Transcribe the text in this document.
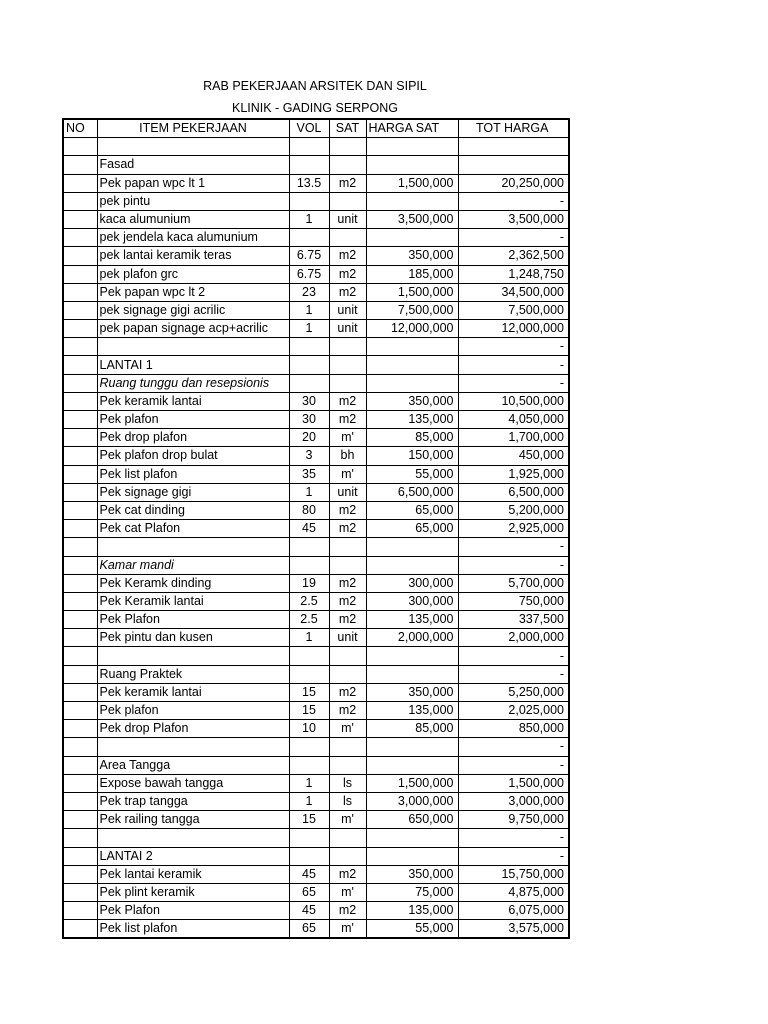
RAB PEKERJAAN ARSITEK DAN SIPIL
KLINIK - GADING SERPONG
NO	ITEM PEKERJAAN	VOL	SAT	HARGA SAT	TOT HARGA

	Fasad				
	Pek papan wpc lt 1	13.5	m2	1,500,000	20,250,000
	pek pintu				-
	kaca alumunium	1	unit	3,500,000	3,500,000
	pek jendela kaca alumunium				-
	pek lantai keramik teras	6.75	m2	350,000	2,362,500
	pek plafon grc	6.75	m2	185,000	1,248,750
	Pek papan wpc lt 2	23	m2	1,500,000	34,500,000
	pek signage gigi acrilic	1	unit	7,500,000	7,500,000
	pek papan signage acp+acrilic	1	unit	12,000,000	12,000,000
					-
	LANTAI 1				-
	Ruang tunggu dan resepsionis				-
	Pek keramik lantai	30	m2	350,000	10,500,000
	Pek plafon	30	m2	135,000	4,050,000
	Pek drop plafon	20	m'	85,000	1,700,000
	Pek plafon drop bulat	3	bh	150,000	450,000
	Pek list plafon	35	m'	55,000	1,925,000
	Pek signage gigi	1	unit	6,500,000	6,500,000
	Pek cat dinding	80	m2	65,000	5,200,000
	Pek cat Plafon	45	m2	65,000	2,925,000
					-
	Kamar mandi				-
	Pek Keramk dinding	19	m2	300,000	5,700,000
	Pek Keramik lantai	2.5	m2	300,000	750,000
	Pek Plafon	2.5	m2	135,000	337,500
	Pek pintu dan kusen	1	unit	2,000,000	2,000,000
					-
	Ruang Praktek				-
	Pek keramik lantai	15	m2	350,000	5,250,000
	Pek plafon	15	m2	135,000	2,025,000
	Pek drop Plafon	10	m'	85,000	850,000
					-
	Area Tangga				-
	Expose bawah tangga	1	ls	1,500,000	1,500,000
	Pek trap tangga	1	ls	3,000,000	3,000,000
	Pek railing tangga	15	m'	650,000	9,750,000
					-
	LANTAI 2				-
	Pek lantai keramik	45	m2	350,000	15,750,000
	Pek plint keramik	65	m'	75,000	4,875,000
	Pek Plafon	45	m2	135,000	6,075,000
	Pek list plafon	65	m'	55,000	3,575,000
